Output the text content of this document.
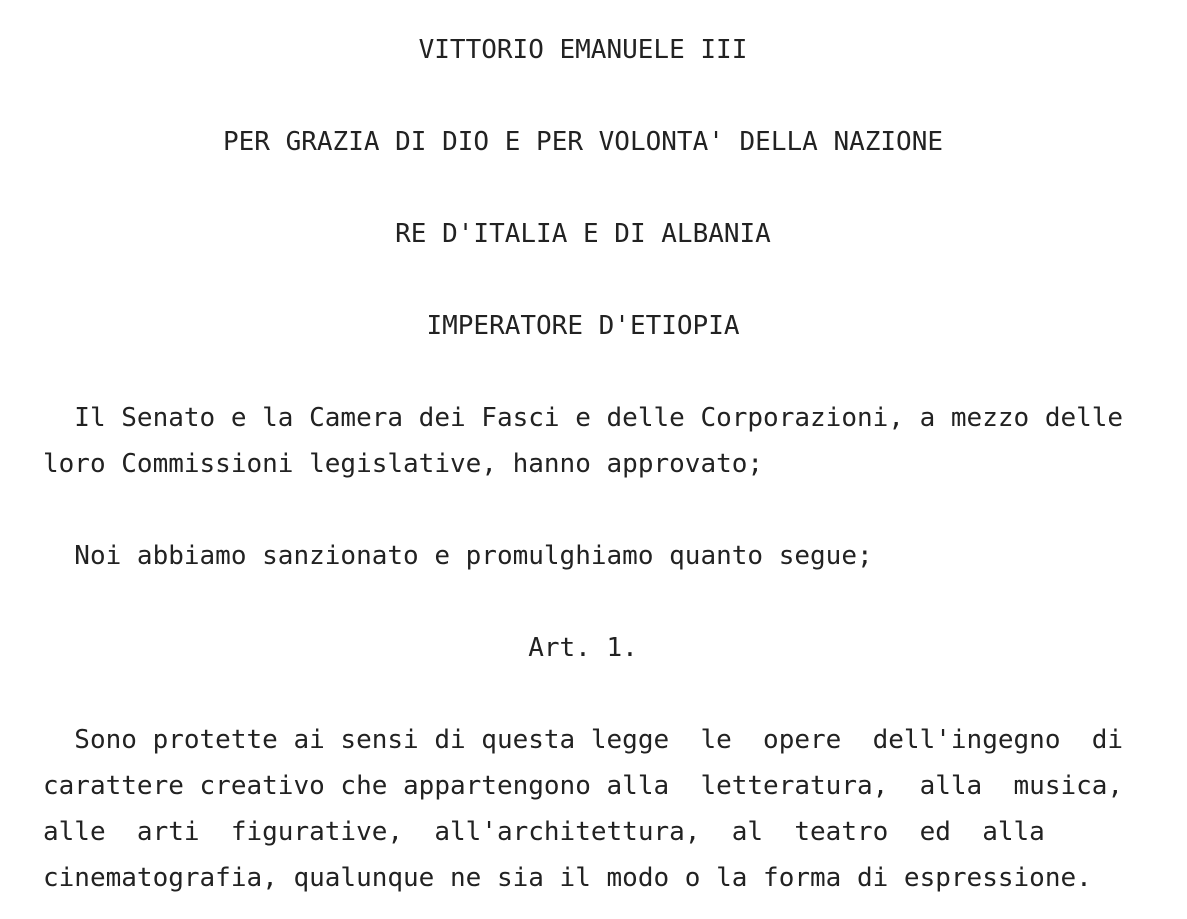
VITTORIO EMANUELE III
PER GRAZIA DI DIO E PER VOLONTA' DELLA NAZIONE
RE D'ITALIA E DI ALBANIA
IMPERATORE D'ETIOPIA
Il Senato e la Camera dei Fasci e delle Corporazioni, a mezzo delle
loro Commissioni legislative, hanno approvato;
Noi abbiamo sanzionato e promulghiamo quanto segue;
Art. 1.
Sono protette ai sensi di questa legge  le  opere  dell'ingegno  di
carattere creativo che appartengono alla  letteratura,  alla  musica,
alle  arti  figurative,  all'architettura,  al  teatro  ed  alla
cinematografia, qualunque ne sia il modo o la forma di espressione.
